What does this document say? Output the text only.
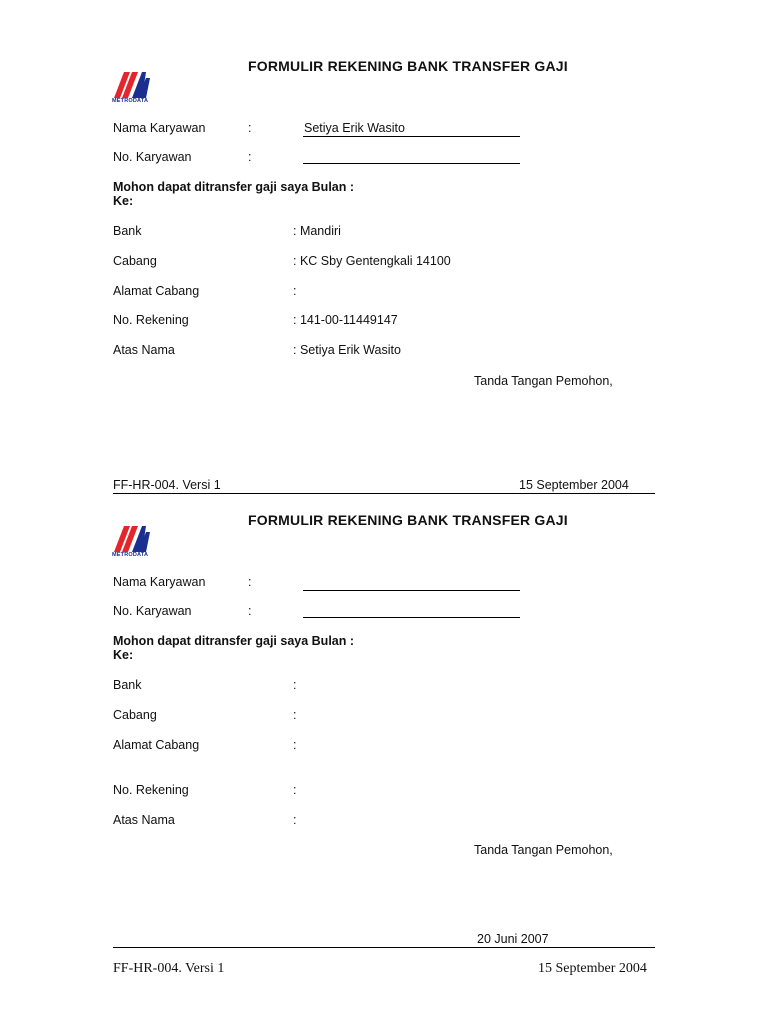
METRODATA
FORMULIR REKENING BANK TRANSFER GAJI
Nama Karyawan	:	Setiya Erik Wasito
No. Karyawan	:
Mohon dapat ditransfer gaji saya Bulan :
Ke:
Bank	: Mandiri
Cabang	: KC Sby Gentengkali 14100
Alamat Cabang	:
No. Rekening	: 141-00-11449147
Atas Nama	: Setiya Erik Wasito
Tanda Tangan Pemohon,
FF-HR-004. Versi 1	15 September 2004
METRODATA
FORMULIR REKENING BANK TRANSFER GAJI
Nama Karyawan	:
No. Karyawan	:
Mohon dapat ditransfer gaji saya Bulan :
Ke:
Bank	:
Cabang	:
Alamat Cabang	:
No. Rekening	:
Atas Nama	:
Tanda Tangan Pemohon,
20 Juni 2007
FF-HR-004. Versi 1	15 September 2004
